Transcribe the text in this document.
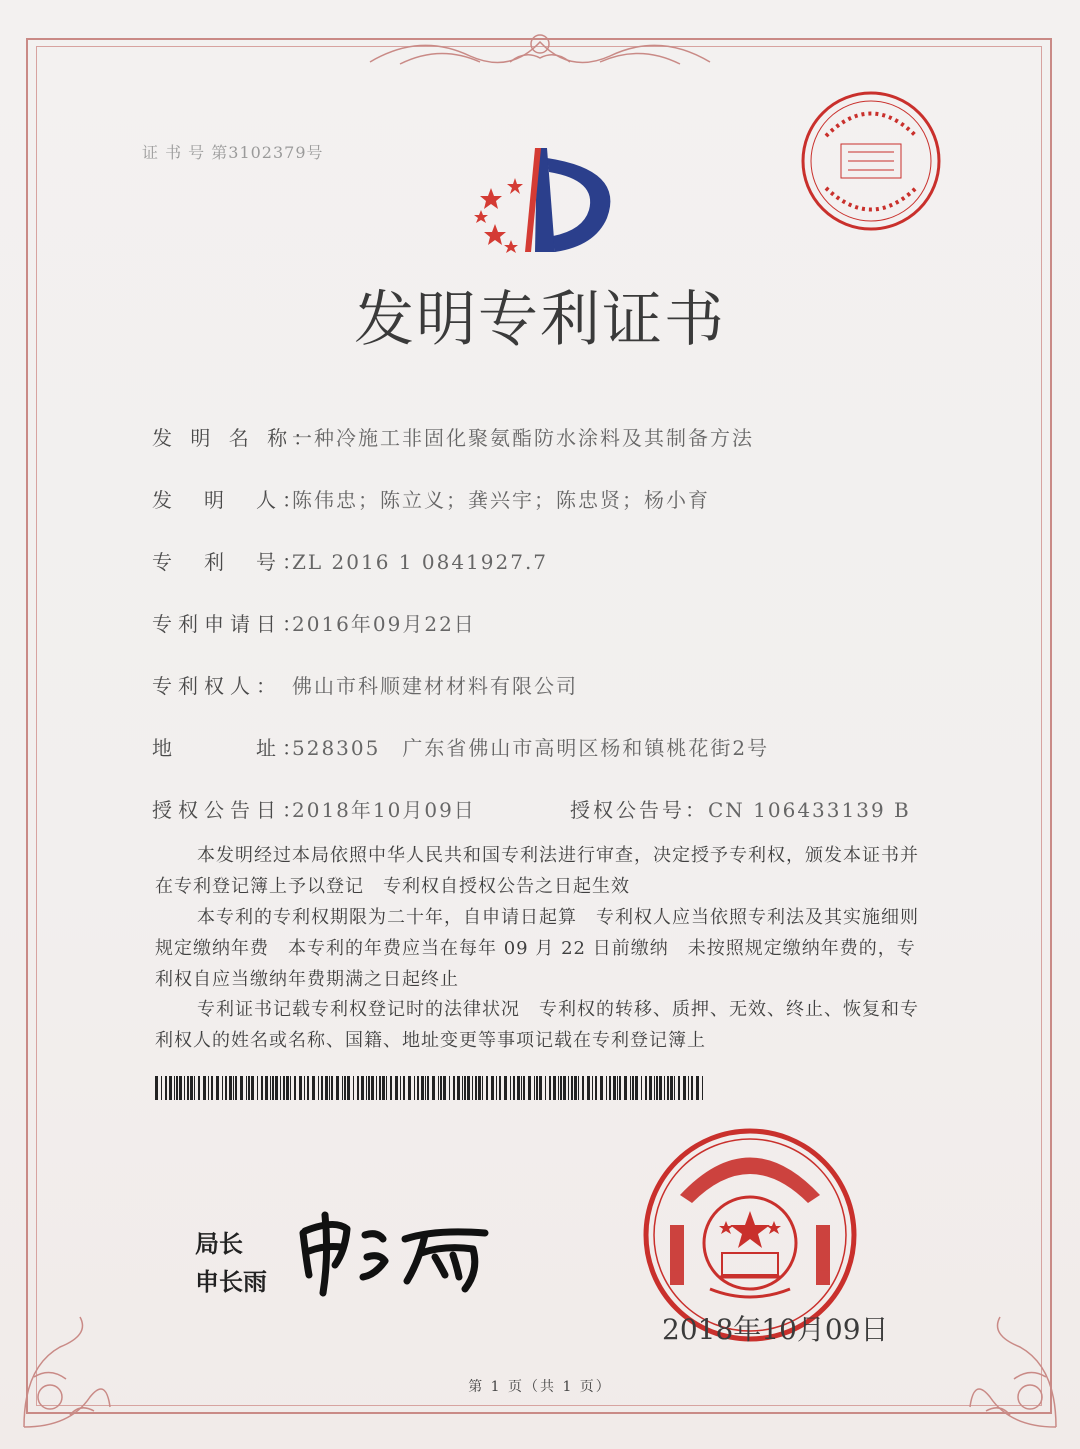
证 书 号 第3102379号
发明专利证书
发 明 名 称：一种冷施工非固化聚氨酯防水涂料及其制备方法
发　明　人：陈伟忠；陈立义；龚兴宇；陈忠贤；杨小育
专　利　号：ZL 2016 1 0841927.7
专利申请日：2016年09月22日
专利权人： 佛山市科顺建材材料有限公司
地　　　址：528305　广东省佛山市高明区杨和镇桃花街2号
授权公告日：2018年10月09日	授权公告号：CN 106433139 B
本发明经过本局依照中华人民共和国专利法进行审查，决定授予专利权，颁发本证书并在专利登记簿上予以登记　专利权自授权公告之日起生效
本专利的专利权期限为二十年，自申请日起算　专利权人应当依照专利法及其实施细则规定缴纳年费　本专利的年费应当在每年 09 月 22 日前缴纳　未按照规定缴纳年费的，专利权自应当缴纳年费期满之日起终止
专利证书记载专利权登记时的法律状况　专利权的转移、质押、无效、终止、恢复和专利权人的姓名或名称、国籍、地址变更等事项记载在专利登记簿上
局长
申长雨
2018年10月09日
第 1 页（共 1 页）
